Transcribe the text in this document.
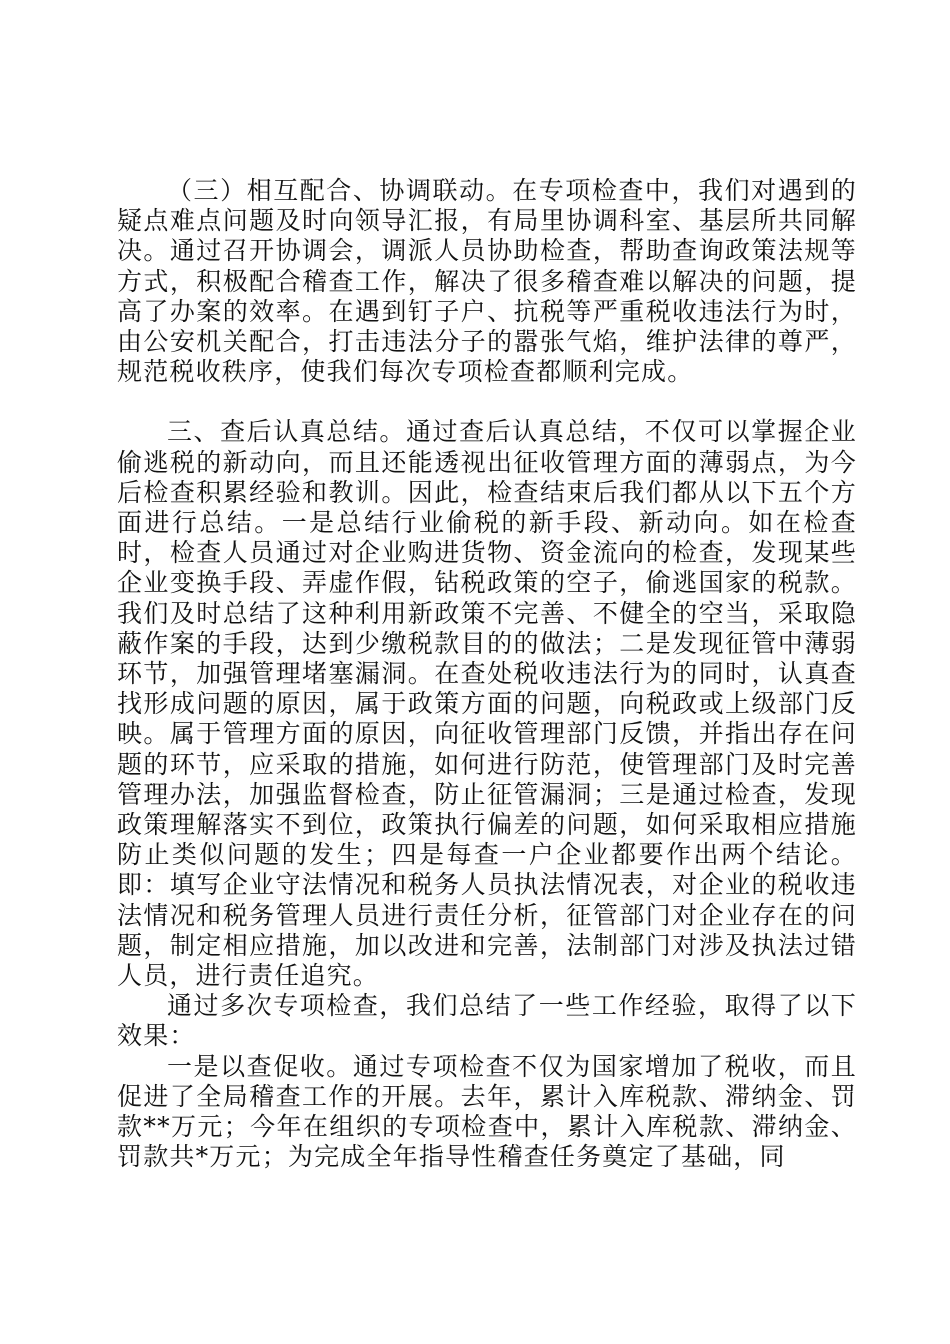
（三）相互配合、协调联动。在专项检查中，我们对遇到的疑点难点问题及时向领导汇报，有局里协调科室、基层所共同解决。通过召开协调会，调派人员协助检查，帮助查询政策法规等方式，积极配合稽查工作，解决了很多稽查难以解决的问题，提高了办案的效率。在遇到钉子户、抗税等严重税收违法行为时，由公安机关配合，打击违法分子的嚣张气焰，维护法律的尊严，规范税收秩序，使我们每次专项检查都顺利完成。

三、查后认真总结。通过查后认真总结，不仅可以掌握企业偷逃税的新动向，而且还能透视出征收管理方面的薄弱点，为今后检查积累经验和教训。因此，检查结束后我们都从以下五个方面进行总结。一是总结行业偷税的新手段、新动向。如在检查时，检查人员通过对企业购进货物、资金流向的检查，发现某些企业变换手段、弄虚作假，钻税政策的空子，偷逃国家的税款。我们及时总结了这种利用新政策不完善、不健全的空当，采取隐蔽作案的手段，达到少缴税款目的的做法；二是发现征管中薄弱环节，加强管理堵塞漏洞。在查处税收违法行为的同时，认真查找形成问题的原因，属于政策方面的问题，向税政或上级部门反映。属于管理方面的原因，向征收管理部门反馈，并指出存在问题的环节，应采取的措施，如何进行防范，使管理部门及时完善管理办法，加强监督检查，防止征管漏洞；三是通过检查，发现政策理解落实不到位，政策执行偏差的问题，如何采取相应措施防止类似问题的发生；四是每查一户企业都要作出两个结论。即：填写企业守法情况和税务人员执法情况表，对企业的税收违法情况和税务管理人员进行责任分析，征管部门对企业存在的问题，制定相应措施，加以改进和完善，法制部门对涉及执法过错人员，进行责任追究。

通过多次专项检查，我们总结了一些工作经验，取得了以下效果：

一是以查促收。通过专项检查不仅为国家增加了税收，而且促进了全局稽查工作的开展。去年，累计入库税款、滞纳金、罚款**万元；今年在组织的专项检查中，累计入库税款、滞纳金、罚款共*万元；为完成全年指导性稽查任务奠定了基础，同
